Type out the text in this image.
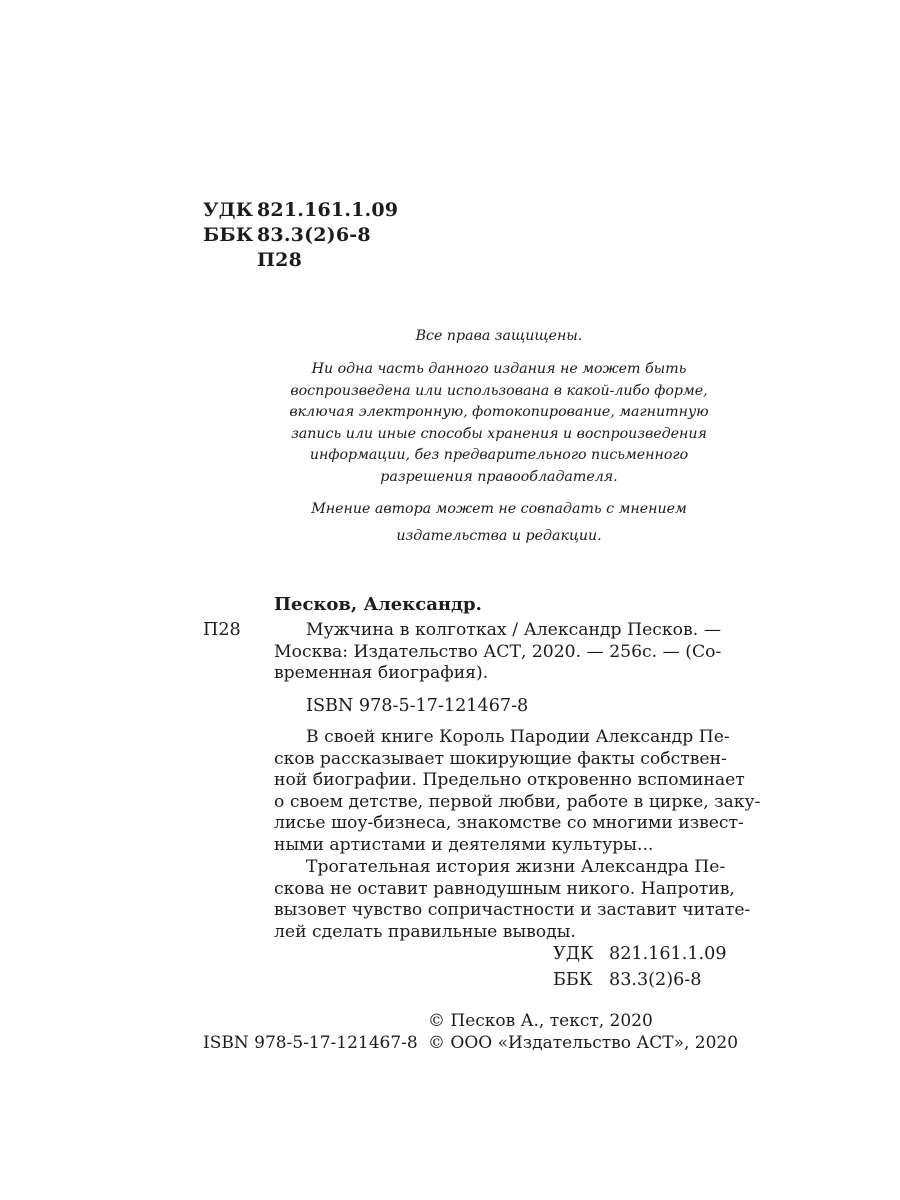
УДК 821.161.1.09
ББК 83.3(2)6-8
П28
Все права защищены.
Ни одна часть данного издания не может быть
воспроизведена или использована в какой-либо форме,
включая электронную, фотокопирование, магнитную
запись или иные способы хранения и воспроизведения
информации, без предварительного письменного
разрешения правообладателя.
Мнение автора может не совпадать с мнением
издательства и редакции.
Песков, Александр.
П28	Мужчина в колготках / Александр Песков. —
Москва: Издательство АСТ, 2020. — 256с. — (Со-
временная биография).
ISBN 978-5-17-121467-8
В своей книге Король Пародии Александр Пе-
сков рассказывает шокирующие факты собствен-
ной биографии. Предельно откровенно вспоминает
о своем детстве, первой любви, работе в цирке, заку-
лисье шоу-бизнеса, знакомстве со многими извест-
ными артистами и деятелями культуры...
Трогательная история жизни Александра Пе-
скова не оставит равнодушным никого. Напротив,
вызовет чувство сопричастности и заставит читате-
лей сделать правильные выводы.
УДК 821.161.1.09
ББК 83.3(2)6-8
© Песков А., текст, 2020
ISBN 978-5-17-121467-8 © ООО «Издательство АСТ», 2020
